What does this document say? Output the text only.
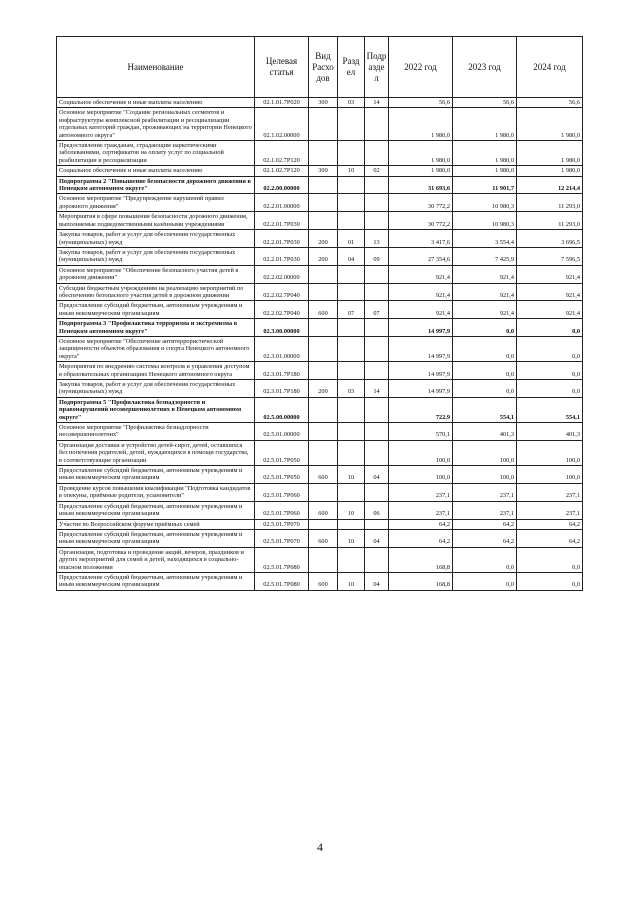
Наименование	Целевая статья	Вид Расхо дов	Разд ел	Подр азде л	2022 год	2023 год	2024 год
Социальное обеспечение и иные выплаты населению	02.1.01.7Р020	300	03	14	56,6	56,6	56,6
Основное мероприятие "Создание региональных сегментов и инфраструктуры комплексной реабилитации и ресоциализации отдельных категорий граждан, проживающих на территории Ненецкого автономного округа"	02.1.02.00000				1 980,0	1 980,0	1 980,0
Предоставление гражданам, страдающим наркотическими заболеваниями, сертификатов на оплату услуг по социальной реабилитации и ресоциализации	02.1.02.7Р120				1 980,0	1 980,0	1 980,0
Социальное обеспечение и иные выплаты населению	02.1.02.7Р120	300	10	02	1 980,0	1 980,0	1 980,0
Подпрограмма 2 "Повышение безопасности дорожного движения в Ненецком автономном округе"	02.2.00.00000				31 693,6	11 901,7	12 214,4
Основное мероприятие "Предупреждение нарушений правил дорожного движения"	02.2.01.00000				30 772,2	10 980,3	11 293,0
Мероприятия в сфере повышения безопасности дорожного движения, выполняемые подведомственными казёнными учреждениями	02.2.01.7Р030				30 772,2	10 980,3	11 293,0
Закупка товаров, работ и услуг для обеспечения государственных (муниципальных) нужд	02.2.01.7Р030	200	01	13	3 417,6	3 554,4	3 696,5
Закупка товаров, работ и услуг для обеспечения государственных (муниципальных) нужд	02.2.01.7Р030	200	04	09	27 354,6	7 425,9	7 596,5
Основное мероприятие "Обеспечение безопасного участия детей в дорожном движении"	02.2.02.00000				921,4	921,4	921,4
Субсидии бюджетным учреждениям на реализацию мероприятий по обеспечению безопасного участия детей в дорожном движении	02.2.02.7Р040				921,4	921,4	921,4
Предоставление субсидий бюджетным, автономным учреждениям и иным некоммерческим организациям	02.2.02.7Р040	600	07	07	921,4	921,4	921,4
Подпрограмма 3 "Профилактика терроризма и экстремизма в Ненецком автономном округе"	02.3.00.00000				14 997,9	0,0	0,0
Основное мероприятие "Обеспечение антитеррористической защищенности объектов образования и спорта Ненецкого автономного округа"	02.3.01.00000				14 997,9	0,0	0,0
Мероприятия по внедрению системы контроля и управления доступом в образовательных организациях Ненецкого автономного округа	02.3.01.7Р180				14 997,9	0,0	0,0
Закупка товаров, работ и услуг для обеспечения государственных (муниципальных) нужд	02.3.01.7Р180	200	03	14	14 997,9	0,0	0,0
Подпрограмма 5 "Профилактика безнадзорности и правонарушений несовершеннолетних в Ненецком автономном округе"	02.5.00.00000				722,9	554,1	554,1
Основное мероприятие "Профилактика безнадзорности несовершеннолетних"	02.5.01.00000				570,1	401,3	401,3
Организация доставки и устройство детей-сирот, детей, оставшихся без попечения родителей, детей, нуждающихся в помощи государства, в соответствующие организации	02.5.01.7Р050				100,0	100,0	100,0
Предоставление субсидий бюджетным, автономным учреждениям и иным некоммерческим организациям	02.5.01.7Р050	600	10	04	100,0	100,0	100,0
Проведение курсов повышения квалификации "Подготовка кандидатов в опекуны, приёмные родители, усыновители"	02.5.01.7Р060				237,1	237,1	237,1
Предоставление субсидий бюджетным, автономным учреждениям и иным некоммерческим организациям	02.5.01.7Р060	600	10	06	237,1	237,1	237,1
Участие во Всероссийском форуме приёмных семей	02.5.01.7Р070				64,2	64,2	64,2
Предоставление субсидий бюджетным, автономным учреждениям и иным некоммерческим организациям	02.5.01.7Р070	600	10	04	64,2	64,2	64,2
Организация, подготовка и проведение акций, вечеров, праздников и других мероприятий для семей и детей, находящихся в социально-опасном положении	02.5.01.7Р080				168,8	0,0	0,0
Предоставление субсидий бюджетным, автономным учреждениям и иным некоммерческим организациям	02.5.01.7Р080	600	10	04	168,8	0,0	0,0
4
